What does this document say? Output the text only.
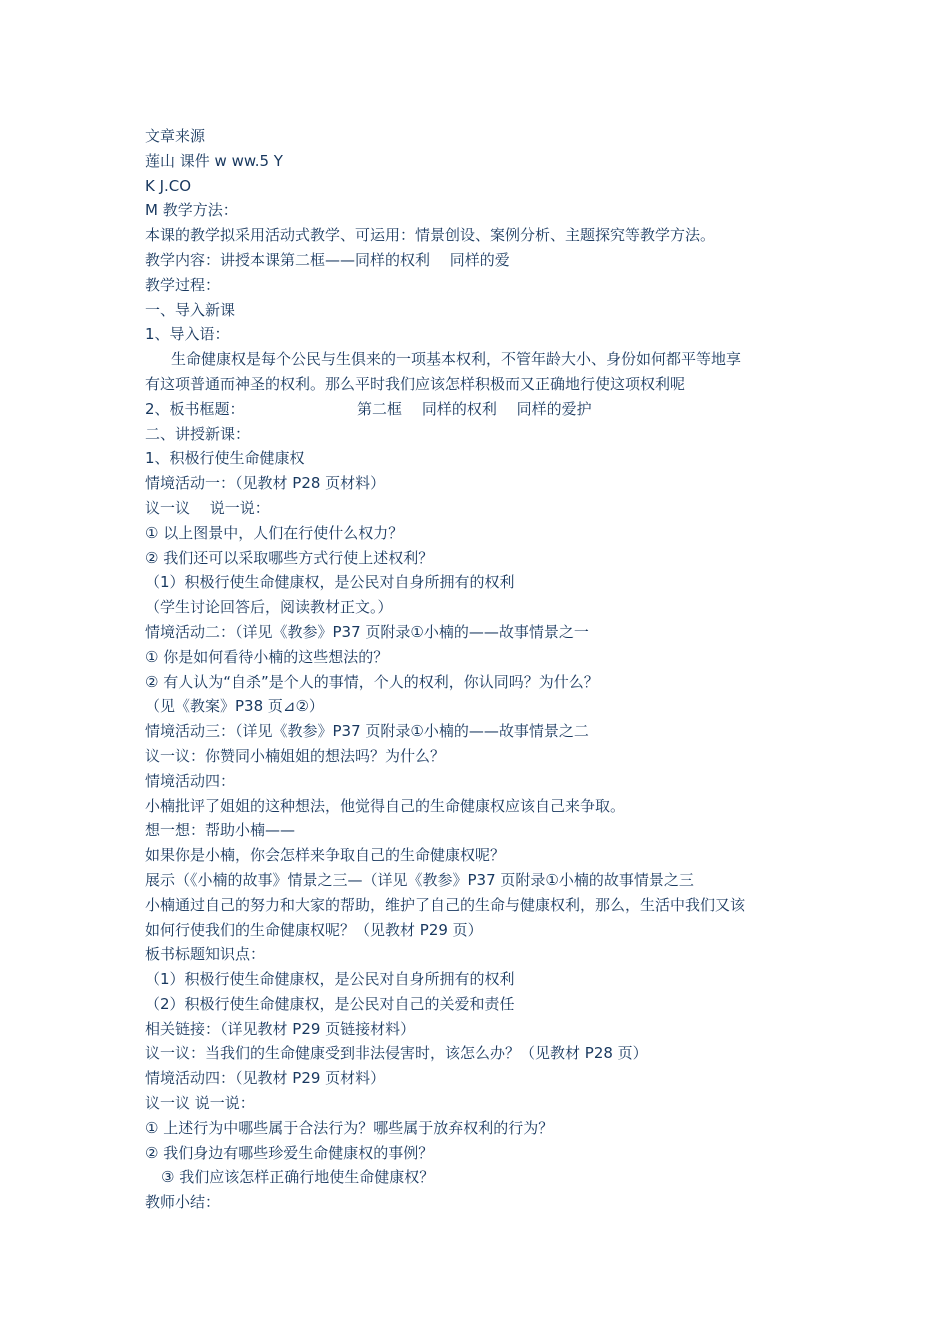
文章来源
莲山 课件 w ww.5 Y
K J.CO
M 教学方法：
本课的教学拟采用活动式教学、可运用：情景创设、案例分析、主题探究等教学方法。
教学内容：讲授本课第二框——同样的权利　 同样的爱
教学过程：
一、导入新课
1、导入语：
生命健康权是每个公民与生俱来的一项基本权利，不管年龄大小、身份如何都平等地享
有这项普通而神圣的权利。那么平时我们应该怎样积极而又正确地行使这项权利呢
2、板书框题：　　　　　　　　第二框　 同样的权利　 同样的爱护
二、讲授新课：
1、积极行使生命健康权
情境活动一：（见教材 P28 页材料）
议一议　 说一说：
① 以上图景中，人们在行使什么权力？
② 我们还可以采取哪些方式行使上述权利？
（1）积极行使生命健康权，是公民对自身所拥有的权利
（学生讨论回答后，阅读教材正文。）
情境活动二：（详见《教参》P37 页附录①小楠的——故事情景之一
① 你是如何看待小楠的这些想法的？
② 有人认为“自杀”是个人的事情，个人的权利，你认同吗？为什么？
（见《教案》P38 页⊿②）
情境活动三：（详见《教参》P37 页附录①小楠的——故事情景之二
议一议：你赞同小楠姐姐的想法吗？为什么？
情境活动四：
小楠批评了姐姐的这种想法，他觉得自己的生命健康权应该自己来争取。
想一想：帮助小楠——
如果你是小楠，你会怎样来争取自己的生命健康权呢？
展示（《小楠的故事》情景之三—（详见《教参》P37 页附录①小楠的故事情景之三
小楠通过自己的努力和大家的帮助，维护了自己的生命与健康权利，那么，生活中我们又该
如何行使我们的生命健康权呢？（见教材 P29 页）
板书标题知识点：
（1）积极行使生命健康权，是公民对自身所拥有的权利
（2）积极行使生命健康权，是公民对自己的关爱和责任
相关链接：（详见教材 P29 页链接材料）
议一议：当我们的生命健康受到非法侵害时，该怎么办？（见教材 P28 页）
情境活动四：（见教材 P29 页材料）
议一议 说一说：
① 上述行为中哪些属于合法行为？哪些属于放弃权利的行为？
② 我们身边有哪些珍爱生命健康权的事例？
③ 我们应该怎样正确行地使生命健康权？
教师小结：
